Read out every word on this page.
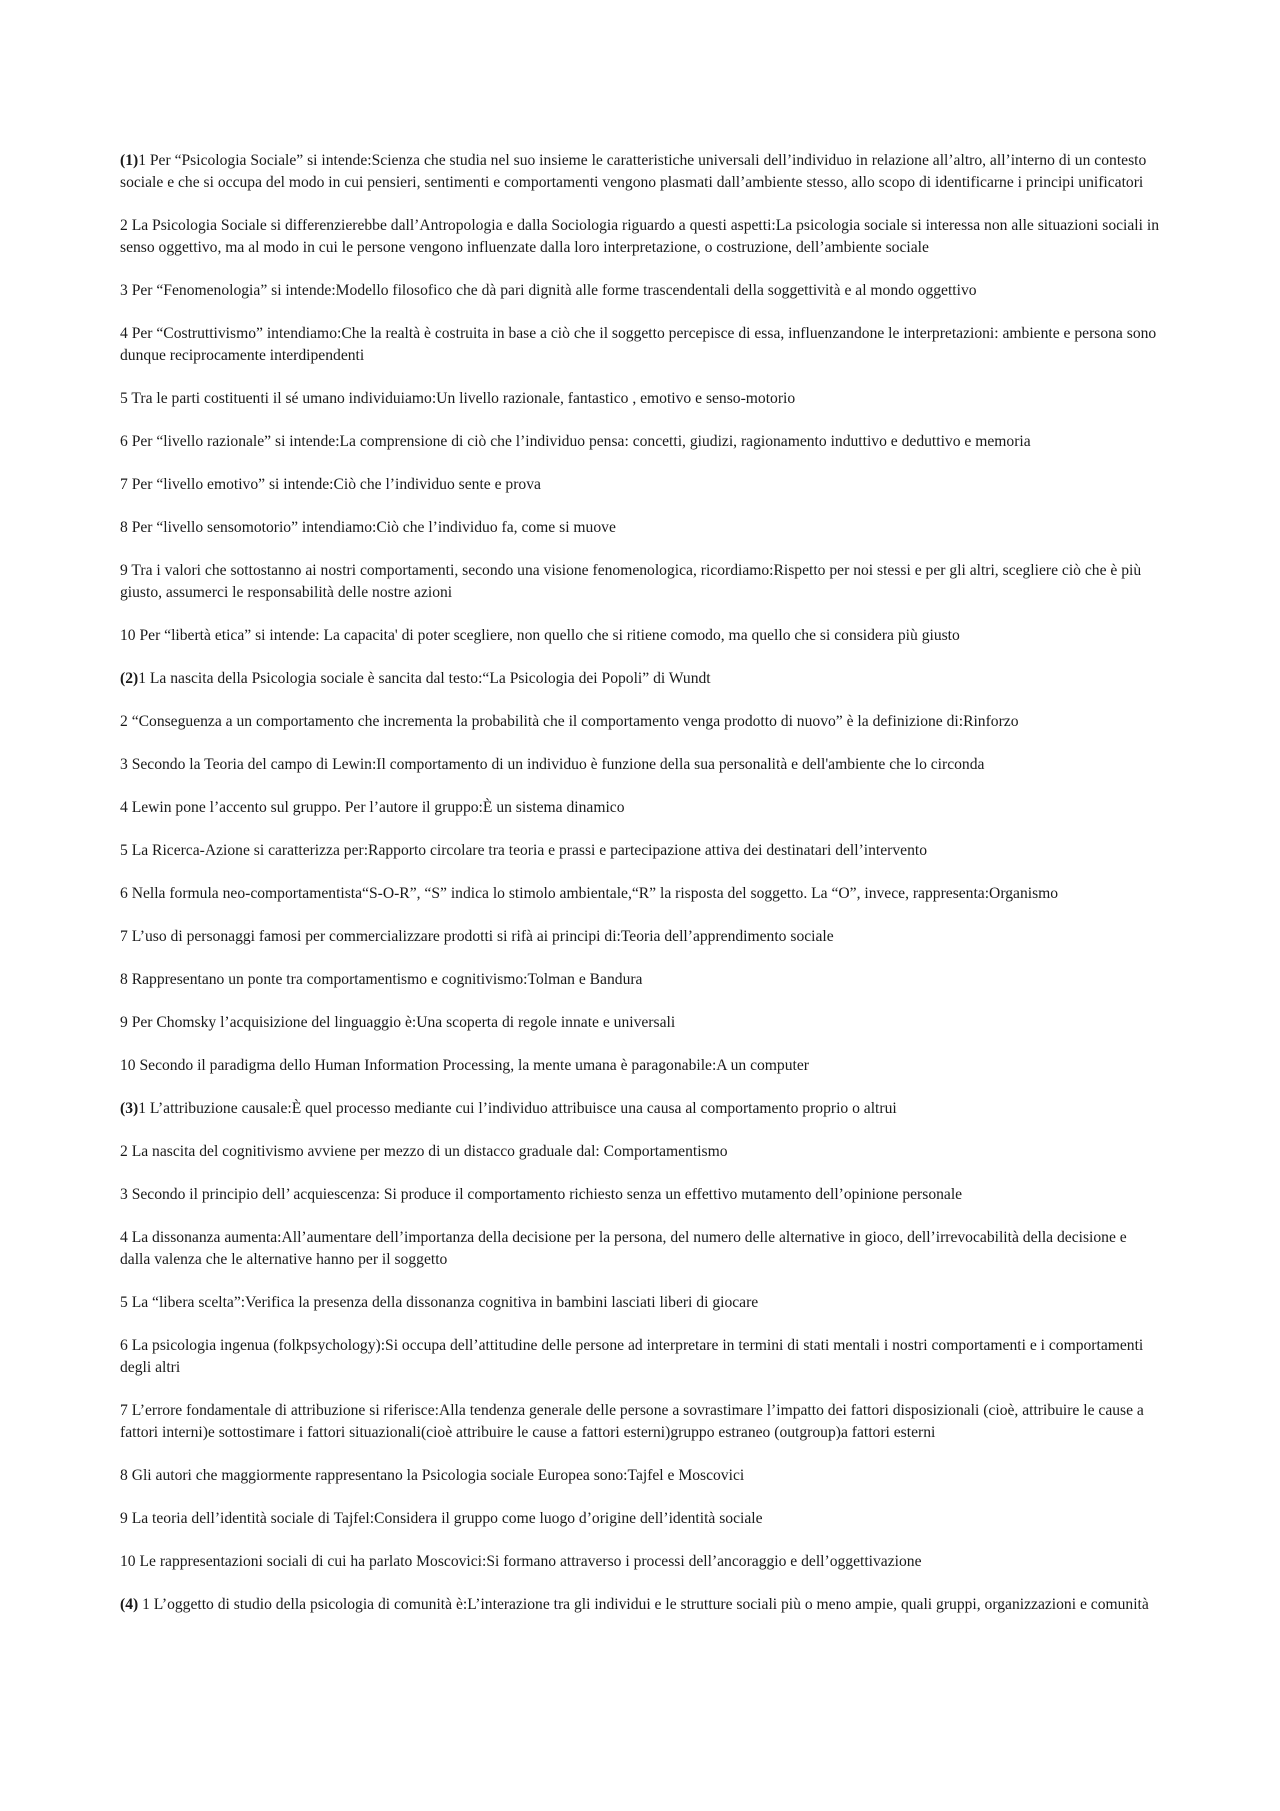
(1)1 Per “Psicologia Sociale” si intende:Scienza che studia nel suo insieme le caratteristiche universali dell’individuo in relazione all’altro, all’interno di un contesto sociale e che si occupa del modo in cui pensieri, sentimenti e comportamenti vengono plasmati dall’ambiente stesso, allo scopo di identificarne i principi unificatori
2 La Psicologia Sociale si differenzierebbe dall’Antropologia e dalla Sociologia riguardo a questi aspetti:La psicologia sociale si interessa non alle situazioni sociali in senso oggettivo, ma al modo in cui le persone vengono influenzate dalla loro interpretazione, o costruzione, dell’ambiente sociale
3 Per “Fenomenologia” si intende:Modello filosofico che dà pari dignità alle forme trascendentali della soggettività e al mondo oggettivo
4 Per “Costruttivismo” intendiamo:Che la realtà è costruita in base a ciò che il soggetto percepisce di essa, influenzandone le interpretazioni: ambiente e persona sono dunque reciprocamente interdipendenti
5 Tra le parti costituenti il sé umano individuiamo:Un livello razionale, fantastico , emotivo e senso-motorio
6 Per “livello razionale” si intende:La comprensione di ciò che l’individuo pensa: concetti, giudizi, ragionamento induttivo e deduttivo e memoria
7 Per “livello emotivo” si intende:Ciò che l’individuo sente e prova
8 Per “livello sensomotorio” intendiamo:Ciò che l’individuo fa, come si muove
9 Tra i valori che sottostanno ai nostri comportamenti, secondo una visione fenomenologica, ricordiamo:Rispetto per noi stessi e per gli altri, scegliere ciò che è più giusto, assumerci le responsabilità delle nostre azioni
10 Per “libertà etica” si intende: La capacita' di poter scegliere, non quello che si ritiene comodo, ma quello che si considera più giusto
(2)1 La nascita della Psicologia sociale è sancita dal testo:“La Psicologia dei Popoli” di Wundt
2 “Conseguenza a un comportamento che incrementa la probabilità che il comportamento venga prodotto di nuovo” è la definizione di:Rinforzo
3 Secondo la Teoria del campo di Lewin:Il comportamento di un individuo è funzione della sua personalità e dell'ambiente che lo circonda
4 Lewin pone l’accento sul gruppo. Per l’autore il gruppo:È un sistema dinamico
5 La Ricerca-Azione si caratterizza per:Rapporto circolare tra teoria e prassi e partecipazione attiva dei destinatari dell’intervento
6 Nella formula neo-comportamentista“S-O-R”, “S” indica lo stimolo ambientale,“R” la risposta del soggetto. La “O”, invece, rappresenta:Organismo
7 L’uso di personaggi famosi per commercializzare prodotti si rifà ai principi di:Teoria dell’apprendimento sociale
8 Rappresentano un ponte tra comportamentismo e cognitivismo:Tolman e Bandura
9 Per Chomsky l’acquisizione del linguaggio è:Una scoperta di regole innate e universali
10 Secondo il paradigma dello Human Information Processing, la mente umana è paragonabile:A un computer
(3)1 L’attribuzione causale:È quel processo mediante cui l’individuo attribuisce una causa al comportamento proprio o altrui
2 La nascita del cognitivismo avviene per mezzo di un distacco graduale dal: Comportamentismo
3 Secondo il principio dell’ acquiescenza: Si produce il comportamento richiesto senza un effettivo mutamento dell’opinione personale
4 La dissonanza aumenta:All’aumentare dell’importanza della decisione per la persona, del numero delle alternative in gioco, dell’irrevocabilità della decisione e dalla valenza che le alternative hanno per il soggetto
5 La “libera scelta”:Verifica la presenza della dissonanza cognitiva in bambini lasciati liberi di giocare
6 La psicologia ingenua (folkpsychology):Si occupa dell’attitudine delle persone ad interpretare in termini di stati mentali i nostri comportamenti e i comportamenti degli altri
7 L’errore fondamentale di attribuzione si riferisce:Alla tendenza generale delle persone a sovrastimare l’impatto dei fattori disposizionali (cioè, attribuire le cause a fattori interni)e sottostimare i fattori situazionali(cioè attribuire le cause a fattori esterni)gruppo estraneo (outgroup)a fattori esterni
8 Gli autori che maggiormente rappresentano la Psicologia sociale Europea sono:Tajfel e Moscovici
9 La teoria dell’identità sociale di Tajfel:Considera il gruppo come luogo d’origine dell’identità sociale
10 Le rappresentazioni sociali di cui ha parlato Moscovici:Si formano attraverso i processi dell’ancoraggio e dell’oggettivazione
(4) 1 L’oggetto di studio della psicologia di comunità è:L’interazione tra gli individui e le strutture sociali più o meno ampie, quali gruppi, organizzazioni e comunità
